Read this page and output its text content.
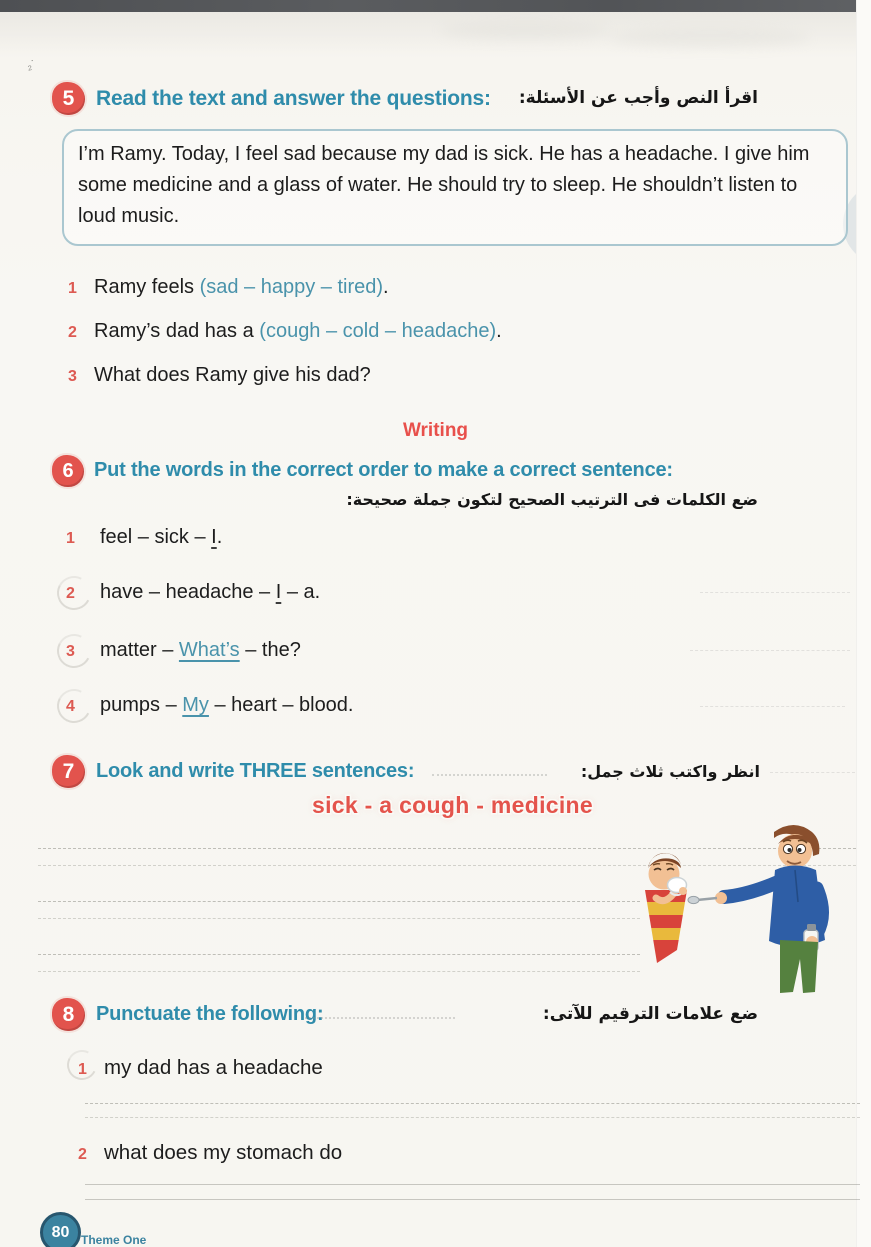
₂˙
5	Read the text and answer the questions: اقرأ النص وأجب عن الأسئلة:
I’m Ramy. Today, I feel sad because my dad is sick. He has a headache. I give him some medicine and a glass of water. He should try to sleep. He shouldn’t listen to loud music.
1 Ramy feels (sad – happy – tired).
2 Ramy’s dad has a (cough – cold – headache).
3 What does Ramy give his dad?
Writing
6	Put the words in the correct order to make a correct sentence:
ضع الكلمات فى الترتيب الصحيح لتكون جملة صحيحة:
1 feel – sick – I.
2 have – headache – I – a.
3 matter – What’s – the?
4 pumps – My – heart – blood.
7	Look and write THREE sentences:	انظر واكتب ثلاث جمل:
sick - a cough - medicine
8	Punctuate the following:	ضع علامات الترقيم للآتى:
1 my dad has a headache
2 what does my stomach do
80 Theme One
